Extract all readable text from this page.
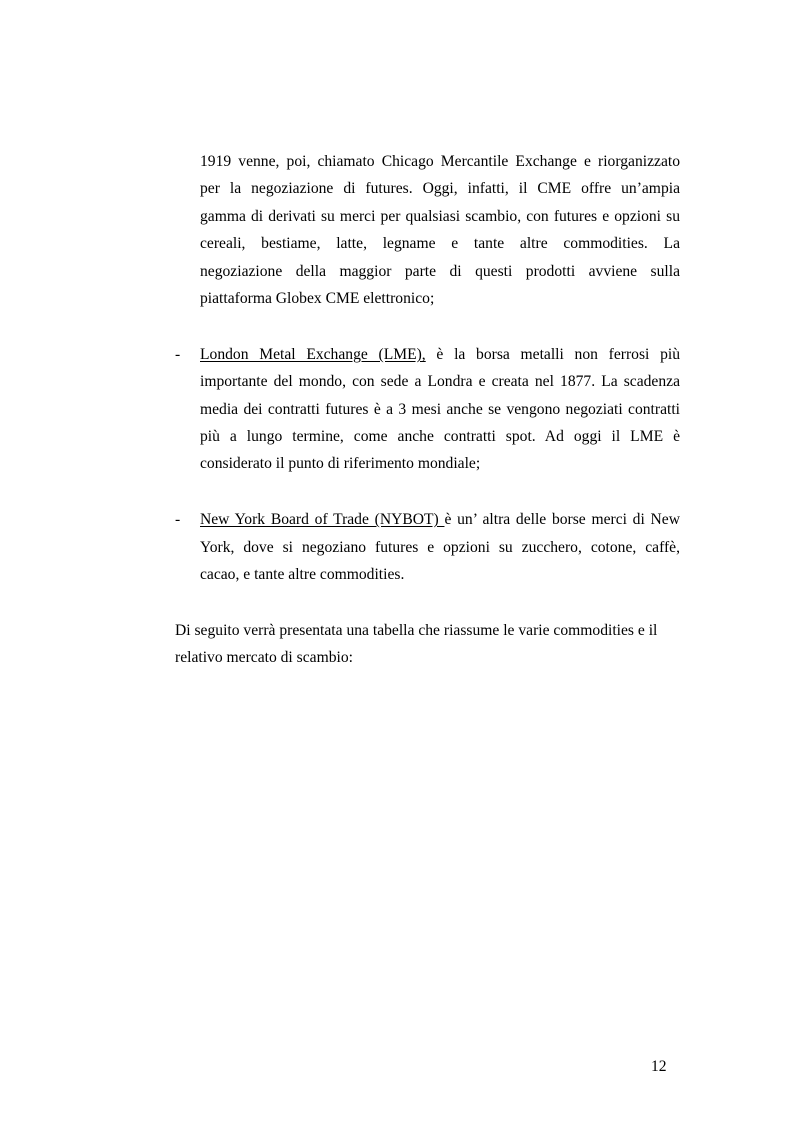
1919 venne, poi, chiamato Chicago Mercantile Exchange e riorganizzato
per la negoziazione di futures. Oggi, infatti, il CME offre un’ampia
gamma di derivati su merci per qualsiasi scambio, con futures e opzioni su
cereali, bestiame, latte, legname e tante altre commodities. La
negoziazione della maggior parte di questi prodotti avviene sulla
piattaforma Globex CME elettronico;
- London Metal Exchange (LME), è la borsa metalli non ferrosi più
importante del mondo, con sede a Londra e creata nel 1877. La scadenza
media dei contratti futures è a 3 mesi anche se vengono negoziati contratti
più a lungo termine, come anche contratti spot. Ad oggi il LME è
considerato il punto di riferimento mondiale;
- New York Board of Trade (NYBOT) è un’ altra delle borse merci di New
York, dove si negoziano futures e opzioni su zucchero, cotone, caffè,
cacao, e tante altre commodities.
Di seguito verrà presentata una tabella che riassume le varie commodities e il
relativo mercato di scambio:
12
